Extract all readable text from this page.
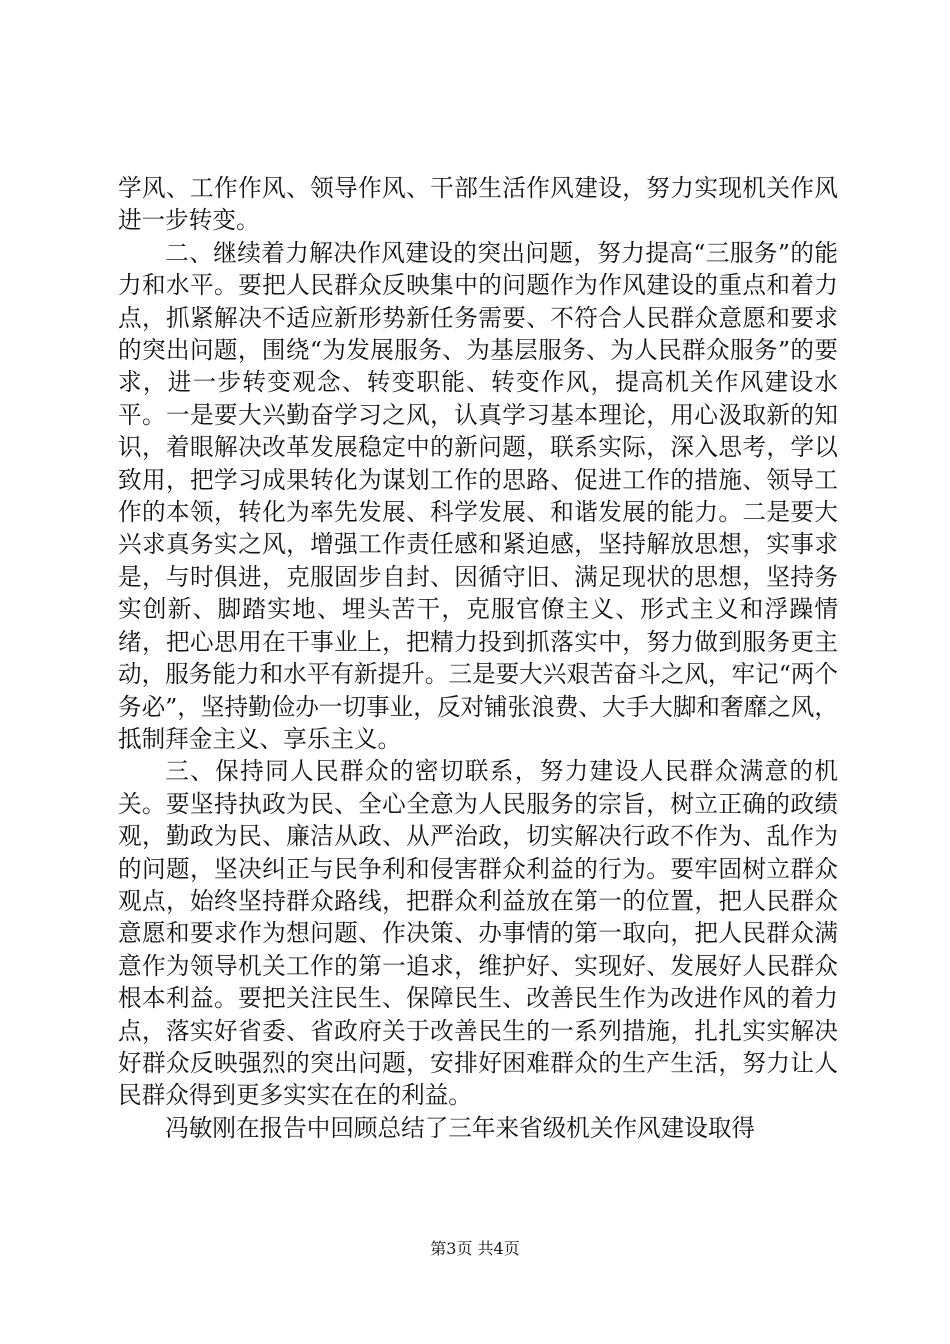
学风、工作作风、领导作风、干部生活作风建设，努力实现机关作风进一步转变。

二、继续着力解决作风建设的突出问题，努力提高“三服务”的能力和水平。要把人民群众反映集中的问题作为作风建设的重点和着力点，抓紧解决不适应新形势新任务需要、不符合人民群众意愿和要求的突出问题，围绕“为发展服务、为基层服务、为人民群众服务”的要求，进一步转变观念、转变职能、转变作风，提高机关作风建设水平。一是要大兴勤奋学习之风，认真学习基本理论，用心汲取新的知识，着眼解决改革发展稳定中的新问题，联系实际，深入思考，学以致用，把学习成果转化为谋划工作的思路、促进工作的措施、领导工作的本领，转化为率先发展、科学发展、和谐发展的能力。二是要大兴求真务实之风，增强工作责任感和紧迫感，坚持解放思想，实事求是，与时俱进，克服固步自封、因循守旧、满足现状的思想，坚持务实创新、脚踏实地、埋头苦干，克服官僚主义、形式主义和浮躁情绪，把心思用在干事业上，把精力投到抓落实中，努力做到服务更主动，服务能力和水平有新提升。三是要大兴艰苦奋斗之风，牢记“两个务必”，坚持勤俭办一切事业，反对铺张浪费、大手大脚和奢靡之风，抵制拜金主义、享乐主义。

三、保持同人民群众的密切联系，努力建设人民群众满意的机关。要坚持执政为民、全心全意为人民服务的宗旨，树立正确的政绩观，勤政为民、廉洁从政、从严治政，切实解决行政不作为、乱作为的问题，坚决纠正与民争利和侵害群众利益的行为。要牢固树立群众观点，始终坚持群众路线，把群众利益放在第一的位置，把人民群众意愿和要求作为想问题、作决策、办事情的第一取向，把人民群众满意作为领导机关工作的第一追求，维护好、实现好、发展好人民群众根本利益。要把关注民生、保障民生、改善民生作为改进作风的着力点，落实好省委、省政府关于改善民生的一系列措施，扎扎实实解决好群众反映强烈的突出问题，安排好困难群众的生产生活，努力让人民群众得到更多实实在在的利益。

冯敏刚在报告中回顾总结了三年来省级机关作风建设取得

第3页 共4页
